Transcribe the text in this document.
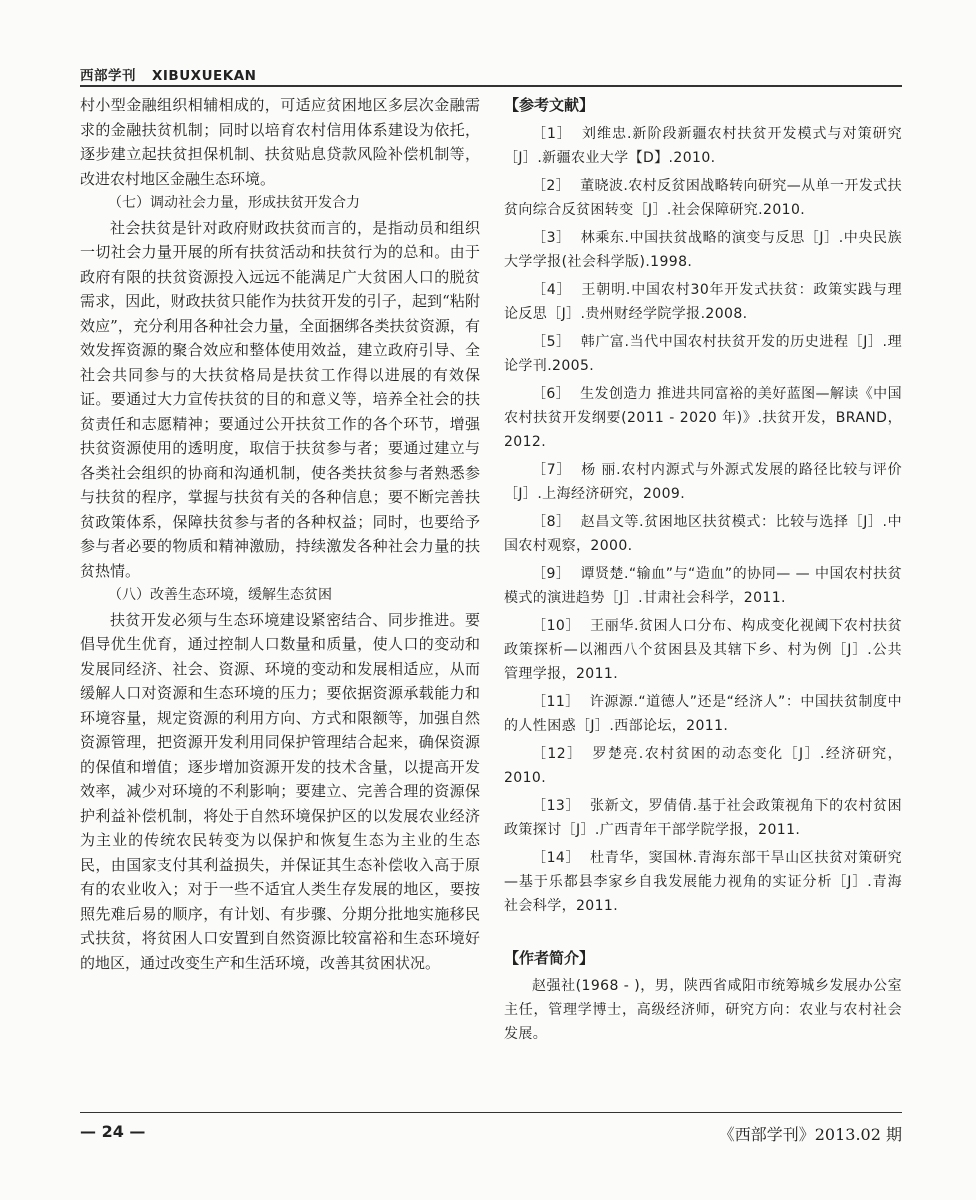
西部学刊 XIBUXUEKAN

村小型金融组织相辅相成的，可适应贫困地区多层次金融需求的金融扶贫机制；同时以培育农村信用体系建设为依托，逐步建立起扶贫担保机制、扶贫贴息贷款风险补偿机制等，改进农村地区金融生态环境。

（七）调动社会力量，形成扶贫开发合力

社会扶贫是针对政府财政扶贫而言的，是指动员和组织一切社会力量开展的所有扶贫活动和扶贫行为的总和。由于政府有限的扶贫资源投入远远不能满足广大贫困人口的脱贫需求，因此，财政扶贫只能作为扶贫开发的引子，起到“粘附效应”，充分利用各种社会力量，全面捆绑各类扶贫资源，有效发挥资源的聚合效应和整体使用效益，建立政府引导、全社会共同参与的大扶贫格局是扶贫工作得以进展的有效保证。要通过大力宣传扶贫的目的和意义等，培养全社会的扶贫责任和志愿精神；要通过公开扶贫工作的各个环节，增强扶贫资源使用的透明度，取信于扶贫参与者；要通过建立与各类社会组织的协商和沟通机制，使各类扶贫参与者熟悉参与扶贫的程序，掌握与扶贫有关的各种信息；要不断完善扶贫政策体系，保障扶贫参与者的各种权益；同时，也要给予参与者必要的物质和精神激励，持续激发各种社会力量的扶贫热情。

（八）改善生态环境，缓解生态贫困

扶贫开发必须与生态环境建设紧密结合、同步推进。要倡导优生优育，通过控制人口数量和质量，使人口的变动和发展同经济、社会、资源、环境的变动和发展相适应，从而缓解人口对资源和生态环境的压力；要依据资源承载能力和环境容量，规定资源的利用方向、方式和限额等，加强自然资源管理，把资源开发利用同保护管理结合起来，确保资源的保值和增值；逐步增加资源开发的技术含量，以提高开发效率，减少对环境的不利影响；要建立、完善合理的资源保护利益补偿机制，将处于自然环境保护区的以发展农业经济为主业的传统农民转变为以保护和恢复生态为主业的生态民，由国家支付其利益损失，并保证其生态补偿收入高于原有的农业收入；对于一些不适宜人类生存发展的地区，要按照先难后易的顺序，有计划、有步骤、分期分批地实施移民式扶贫，将贫困人口安置到自然资源比较富裕和生态环境好的地区，通过改变生产和生活环境，改善其贫困状况。

【参考文献】

［1］ 刘维忠.新阶段新疆农村扶贫开发模式与对策研究［J］.新疆农业大学【D】.2010.
［2］ 董晓波.农村反贫困战略转向研究—从单一开发式扶贫向综合反贫困转变［J］.社会保障研究.2010.
［3］ 林乘东.中国扶贫战略的演变与反思［J］.中央民族大学学报(社会科学版).1998.
［4］ 王朝明.中国农村30年开发式扶贫：政策实践与理论反思［J］.贵州财经学院学报.2008.
［5］ 韩广富.当代中国农村扶贫开发的历史进程［J］.理论学刊.2005.
［6］ 生发创造力 推进共同富裕的美好蓝图—解读《中国农村扶贫开发纲要(2011 - 2020 年)》.扶贫开发，BRAND，2012.
［7］ 杨 丽.农村内源式与外源式发展的路径比较与评价［J］.上海经济研究，2009.
［8］ 赵昌文等.贫困地区扶贫模式：比较与选择［J］.中国农村观察，2000.
［9］ 谭贤楚.“输血”与“造血”的协同— — 中国农村扶贫模式的演进趋势［J］.甘肃社会科学，2011.
［10］ 王丽华.贫困人口分布、构成变化视阈下农村扶贫政策探析—以湘西八个贫困县及其辖下乡、村为例［J］.公共管理学报，2011.
［11］ 许源源.“道德人”还是“经济人”：中国扶贫制度中的人性困惑［J］.西部论坛，2011.
［12］ 罗楚亮.农村贫困的动态变化［J］.经济研究，2010.
［13］ 张新文，罗倩倩.基于社会政策视角下的农村贫困政策探讨［J］.广西青年干部学院学报，2011.
［14］ 杜青华，窦国林.青海东部干旱山区扶贫对策研究—基于乐都县李家乡自我发展能力视角的实证分析［J］.青海社会科学，2011.

【作者简介】

赵强社(1968 - )，男，陕西省咸阳市统筹城乡发展办公室主任，管理学博士，高级经济师，研究方向：农业与农村社会发展。

— 24 —	《西部学刊》2013.02 期
